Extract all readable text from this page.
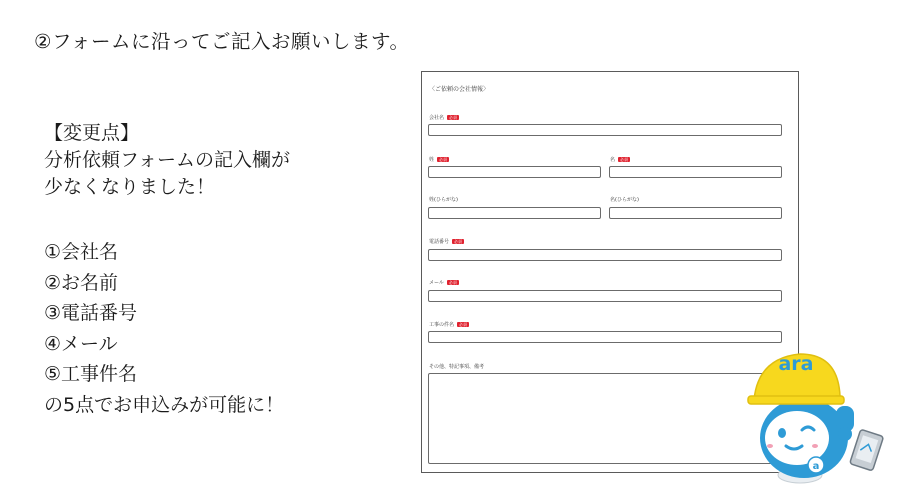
②フォームに沿ってご記入お願いします。
【変更点】
分析依頼フォームの記入欄が
少なくなりました！
①会社名
②お名前
③電話番号
④メール
⑤工事件名
の5点でお申込みが可能に！
〈ご依頼の会社情報〉
会社名	必須
姓	必須	名	必須
姓(ひらがな)	名(ひらがな)
電話番号	必須
メール	必須
工事の件名	必須
その他、特記事項、備考	ara
a
